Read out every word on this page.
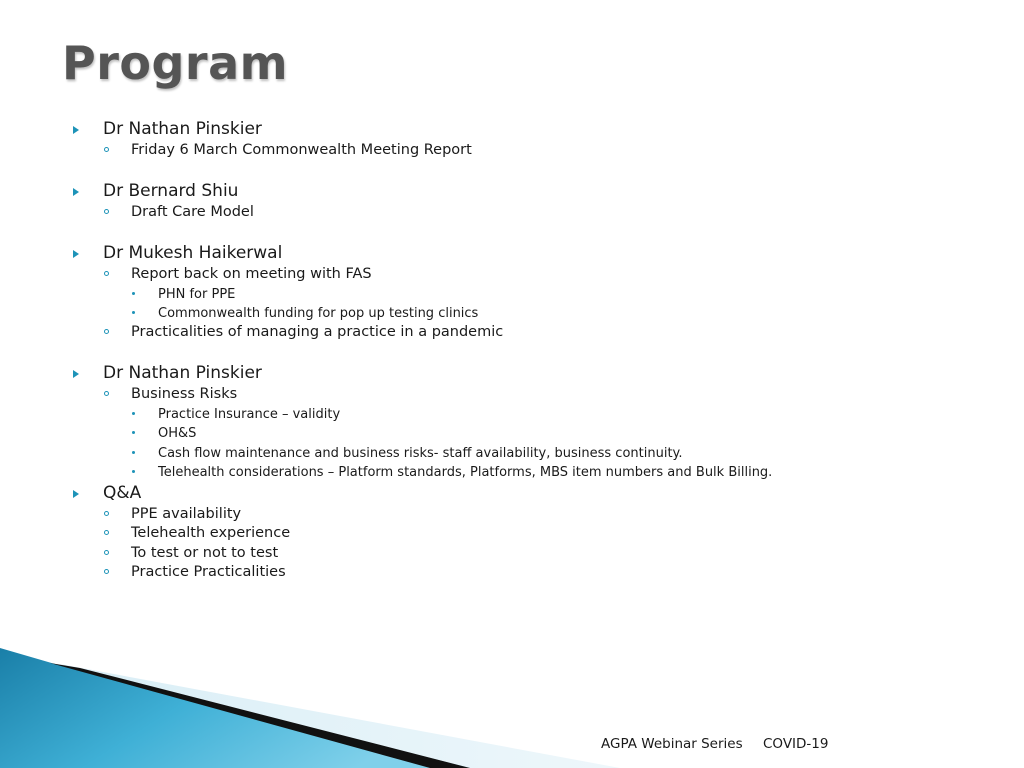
Program
Dr Nathan Pinskier
Friday 6 March Commonwealth Meeting Report
Dr Bernard Shiu
Draft Care Model
Dr Mukesh Haikerwal
Report back on meeting with FAS
PHN for PPE
Commonwealth funding for pop up testing clinics
Practicalities of managing a practice in a pandemic
Dr Nathan Pinskier
Business Risks
Practice Insurance – validity
OH&S
Cash flow maintenance and business risks- staff availability, business continuity.
Telehealth considerations – Platform standards, Platforms, MBS item numbers and Bulk Billing.
Q&A
PPE availability
Telehealth experience
To test or not to test
Practice Practicalities
AGPA Webinar Series COVID-19
